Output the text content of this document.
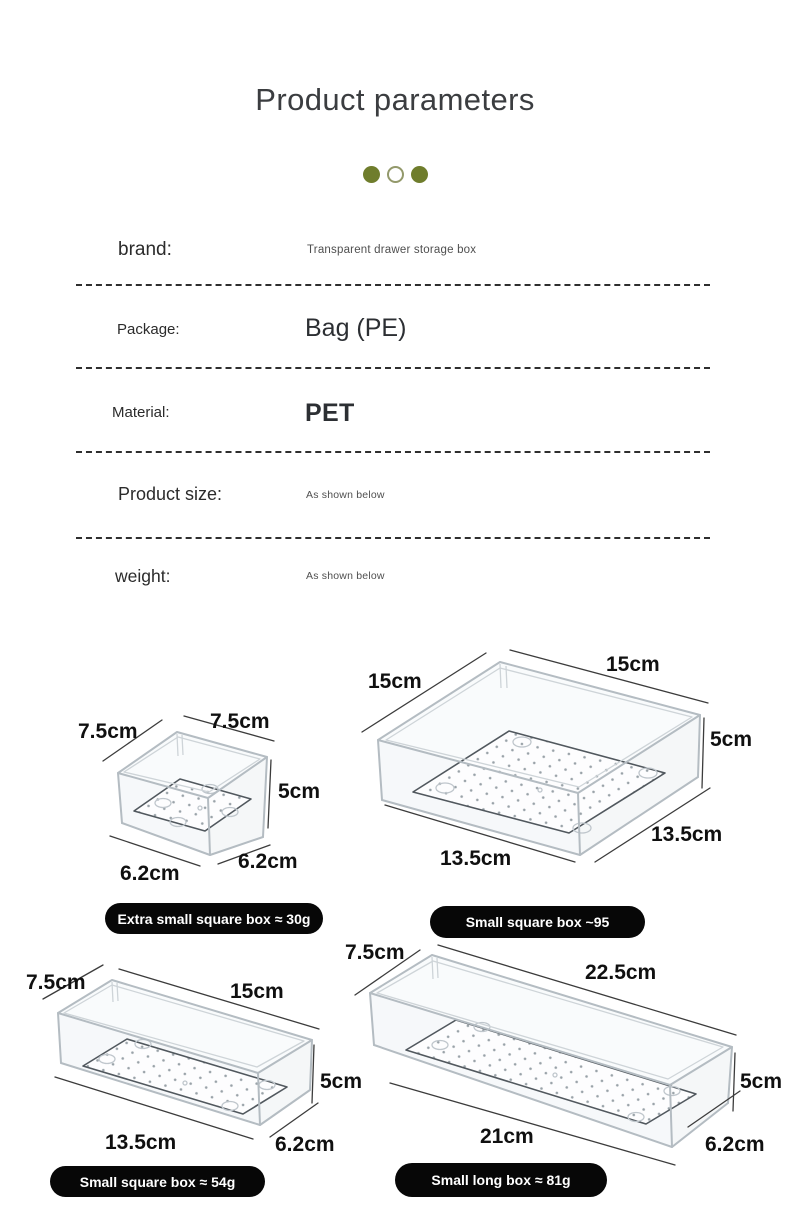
Product parameters
brand:	Transparent drawer storage box
Package:	Bag (PE)
Material:	PET
Product size:	As shown below
weight:	As shown below
7.5cm	7.5cm
5cm
6.2cm
6.2cm
Extra small square box ≈ 30g
15cm
15cm
5cm
13.5cm
13.5cm
Small square box ~95
7.5cm	15cm
5cm
13.5cm	6.2cm
Small square box ≈ 54g
7.5cm
22.5cm
5cm
21cm	6.2cm
Small long box ≈ 81g
